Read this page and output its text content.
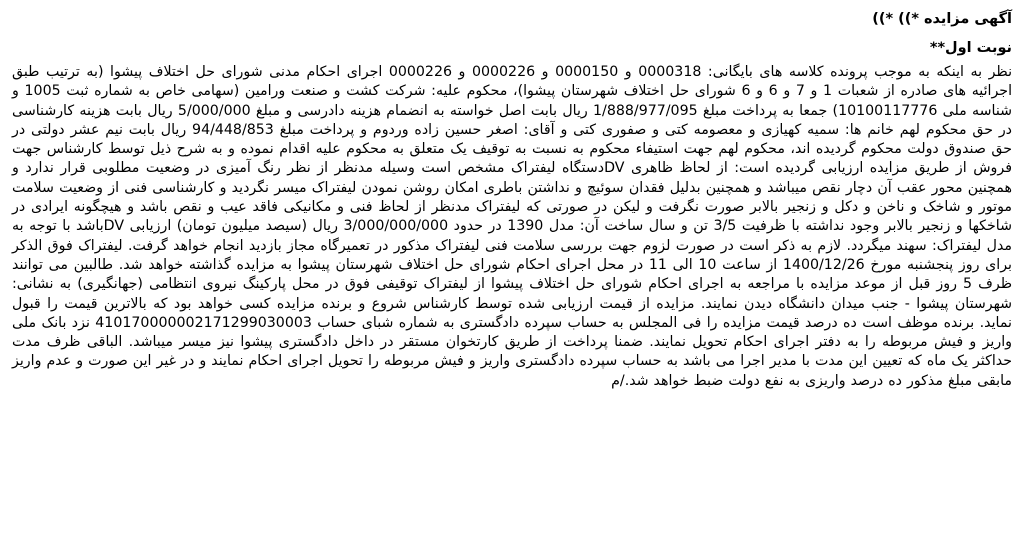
آگهی مزایده *)) *))
نوبت اول**
نظر به اینکه به موجب پرونده کلاسه های بایگانی: 0000318 و 0000150 و 0000226 و 0000226 اجرای احکام مدنی شورای حل اختلاف پیشوا (به ترتیب طبق اجرائیه های صادره از شعبات 1 و 7 و 6 و 6 شورای حل اختلاف شهرستان پیشوا)، محکوم علیه: شرکت کشت و صنعت ورامین (سهامی خاص به شماره ثبت 1005 و شناسه ملی 10100117776) جمعا به پرداخت مبلغ 1/888/977/095 ریال بابت اصل خواسته به انضمام هزینه دادرسی و مبلغ 5/000/000 ریال بابت هزینه کارشناسی در حق محکوم لهم خانم ها: سمیه کهیازی و معصومه کتی و صفوری کتی و آقای: اصغر حسین زاده وردوم و پرداخت مبلغ 94/448/853 ریال بابت نیم عشر دولتی در حق صندوق دولت محکوم گردیده اند، محکوم لهم جهت استیفاء محکوم به نسبت به توقیف یک متعلق به محکوم علیه اقدام نموده و به شرح ذیل توسط کارشناس جهت فروش از طریق مزایده ارزیابی گردیده است: از لحاظ ظاهری DVدستگاه لیفتراک مشخص است وسیله مدنظر از نظر رنگ آمیزی در وضعیت مطلوبی قرار ندارد و همچنین محور عقب آن دچار نقص میباشد و همچنین بدلیل فقدان سوئیچ و نداشتن باطری امکان روشن نمودن لیفتراک میسر نگردید و کارشناسی فنی از وضعیت سلامت موتور و شاخک و ناخن و دکل و زنجیر بالابر صورت نگرفت و لیکن در صورتی که لیفتراک مدنظر از لحاظ فنی و مکانیکی فاقد عیب و نقص باشد و هیچگونه ایرادی در شاخکها و زنجیر بالابر وجود نداشته با ظرفیت 3/5 تن و سال ساخت آن: مدل 1390 در حدود 3/000/000/000 ریال (سیصد میلیون تومان) ارزیابی DVباشد با توجه به مدل لیفتراک: سهند میگردد. لازم به ذکر است در صورت لزوم جهت بررسی سلامت فنی لیفتراک مذکور در تعمیرگاه مجاز بازدید انجام خواهد گرفت. لیفتراک فوق الذکر برای روز پنجشنبه مورخ 1400/12/26 از ساعت 10 الی 11 در محل اجرای احکام شورای حل اختلاف شهرستان پیشوا به مزایده گذاشته خواهد شد. طالبین می توانند ظرف 5 روز قبل از موعد مزایده با مراجعه به اجرای احکام شورای حل اختلاف پیشوا از لیفتراک توقیفی فوق در محل پارکینگ نیروی انتظامی (جهانگیری) به نشانی: شهرستان پیشوا - جنب میدان دانشگاه دیدن نمایند. مزایده از قیمت ارزیابی شده توسط کارشناس شروع و برنده مزایده کسی خواهد بود که بالاترین قیمت را قبول نماید. برنده موظف است ده درصد قیمت مزایده را فی المجلس به حساب سپرده دادگستری به شماره شبای حساب 410170000002171299030003 نزد بانک ملی واریز و فیش مربوطه را به دفتر اجرای احکام تحویل نمایند. ضمنا پرداخت از طریق کارتخوان مستقر در داخل دادگستری پیشوا نیز میسر میباشد. الباقی ظرف مدت حداکثر یک ماه که تعیین این مدت با مدیر اجرا می باشد به حساب سپرده دادگستری واریز و فیش مربوطه را تحویل اجرای احکام نمایند و در غیر این صورت و عدم واریز مابقی مبلغ مذکور ده درصد واریزی به نفع دولت ضبط خواهد شد./م
